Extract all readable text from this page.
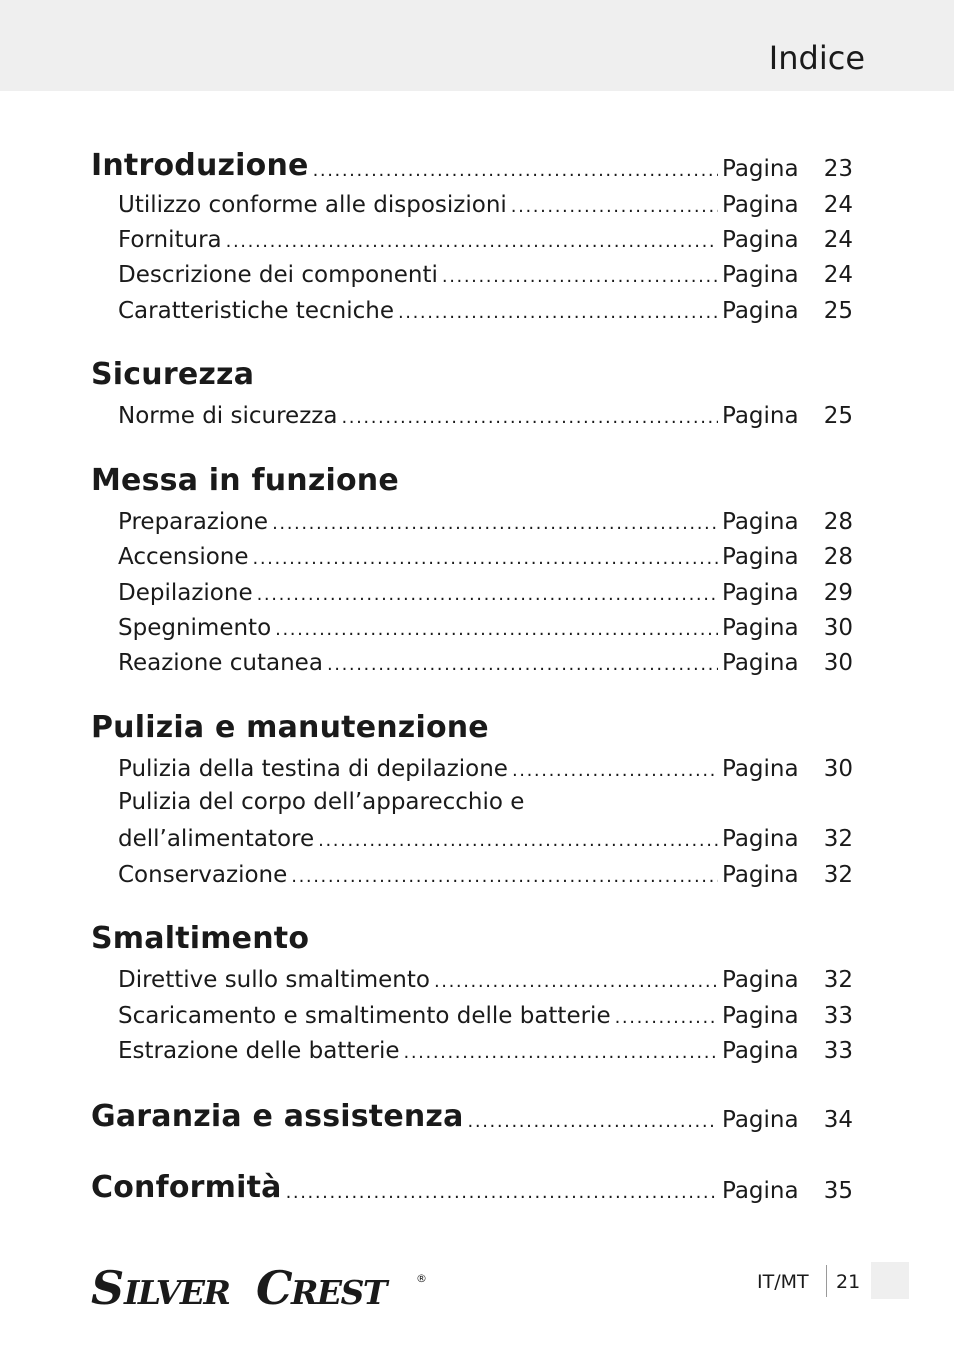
Indice
Introduzione .....	Pagina	23
Utilizzo conforme alle disposizioni .....	Pagina	24
Fornitura .....	Pagina	24
Descrizione dei componenti .....	Pagina	24
Caratteristiche tecniche .....	Pagina	25
Sicurezza
Norme di sicurezza .....	Pagina	25
Messa in funzione
Preparazione .....	Pagina	28
Accensione .....	Pagina	28
Depilazione .....	Pagina	29
Spegnimento .....	Pagina	30
Reazione cutanea .....	Pagina	30
Pulizia e manutenzione
Pulizia della testina di depilazione .....	Pagina	30
Pulizia del corpo dell’apparecchio e
dell’alimentatore .....	Pagina	32
Conservazione .....	Pagina	32
Smaltimento
Direttive sullo smaltimento .....	Pagina	32
Scaricamento e smaltimento delle batterie .....	Pagina	33
Estrazione delle batterie .....	Pagina	33
Garanzia e assistenza .....	Pagina	34
Conformità .....	Pagina	35
S ILVER C REST	®	IT/MT 21
